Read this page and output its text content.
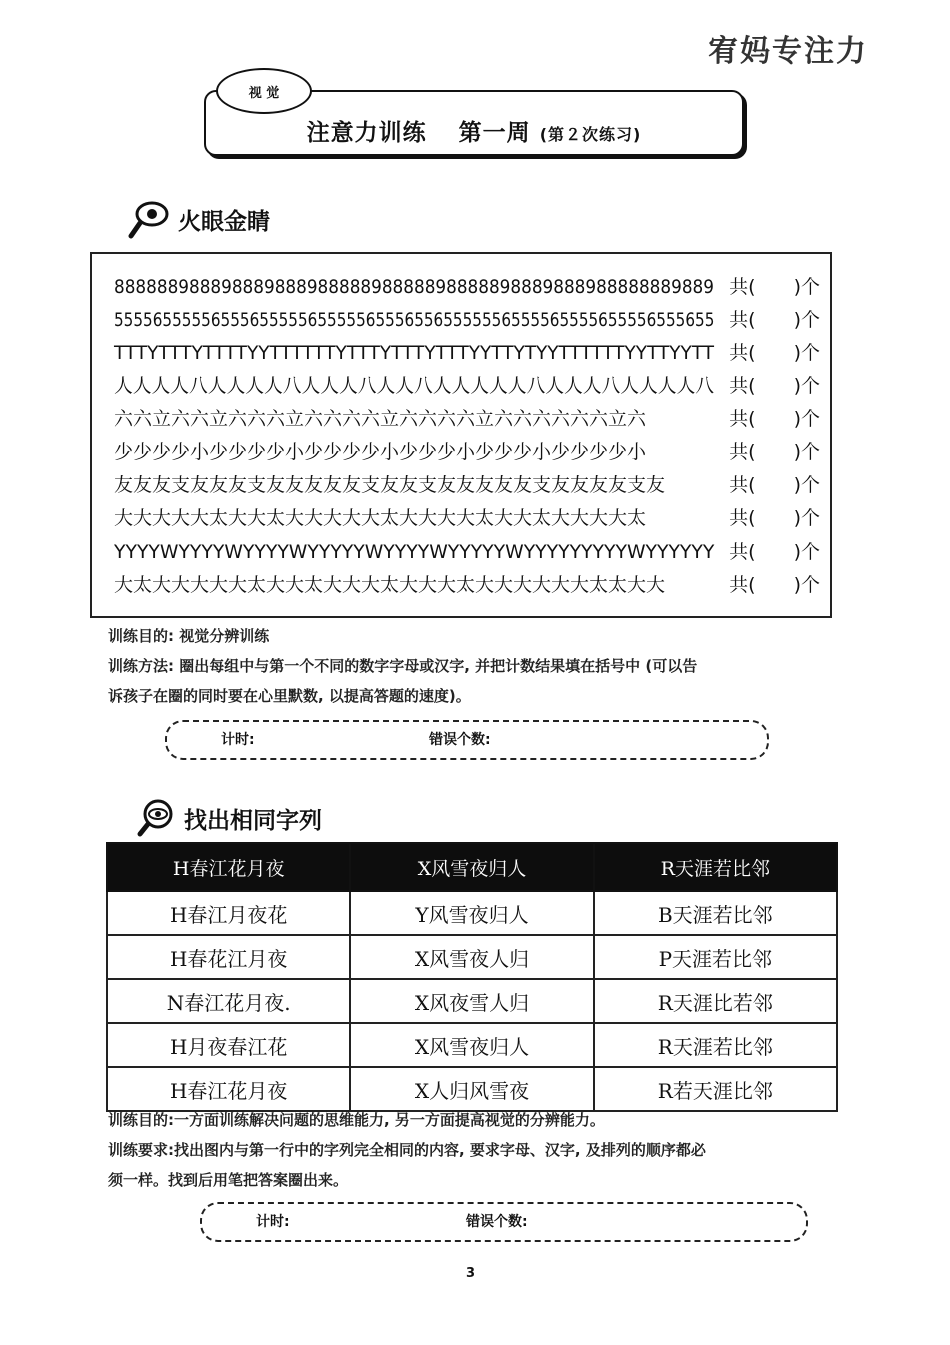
宥妈专注力
注意力训练 第一周 (第２次练习)
视 觉
火眼金睛
88888898889888988898888898888898888898889888988888889889 共(　　)个
55556555556555655555655555655565565555556555565555655556555655 共(　　)个
TTTYTTTYTTTTYYTTTTTTYTTTYTTTYTTTYYTTYTYYTTTTTTYYTTYYTT 共(　　)个
人人人人八人人人人八人人人八人人八人人人人人八人人人八人人人人八 共(　　)个
六六立六六立六六六立六六六六立六六六六立六六六六六六立六	共(　　)个
少少少少小少少少少小少少少少小少少少小少少少小少少少少小	共(　　)个
友友友支友友友支友友友友友支友友支友友友友友支友友友友支友	共(　　)个
大大大大大太大大太大大大大大太大大大大太大大太大大大大太	共(　　)个
YYYYWYYYYWYYYYWYYYYYWYYYYWYYYYYWYYYYYYYYYWYYYYYY 共(　　)个
大太大大大大大太大大太大大大太大大大太大大大大大大太太大大	共(　　)个
训练目的: 视觉分辨训练
训练方法: 圈出每组中与第一个不同的数字字母或汉字, 并把计数结果填在括号中 (可以告
诉孩子在圈的同时要在心里默数, 以提高答题的速度)。
计时:	错误个数:
找出相同字列
H春江花月夜	X风雪夜归人	R天涯若比邻
H春江月夜花	Y风雪夜归人	B天涯若比邻
H春花江月夜	X风雪夜人归	P天涯若比邻
N春江花月夜.	X风夜雪人归	R天涯比若邻
H月夜春江花	X风雪夜归人	R天涯若比邻
H春江花月夜	X人归风雪夜	R若天涯比邻
训练目的:一方面训练解决问题的思维能力, 另一方面提高视觉的分辨能力。
训练要求:找出图内与第一行中的字列完全相同的内容, 要求字母、汉字, 及排列的顺序都必
须一样。找到后用笔把答案圈出来。
计时:	错误个数:
3
